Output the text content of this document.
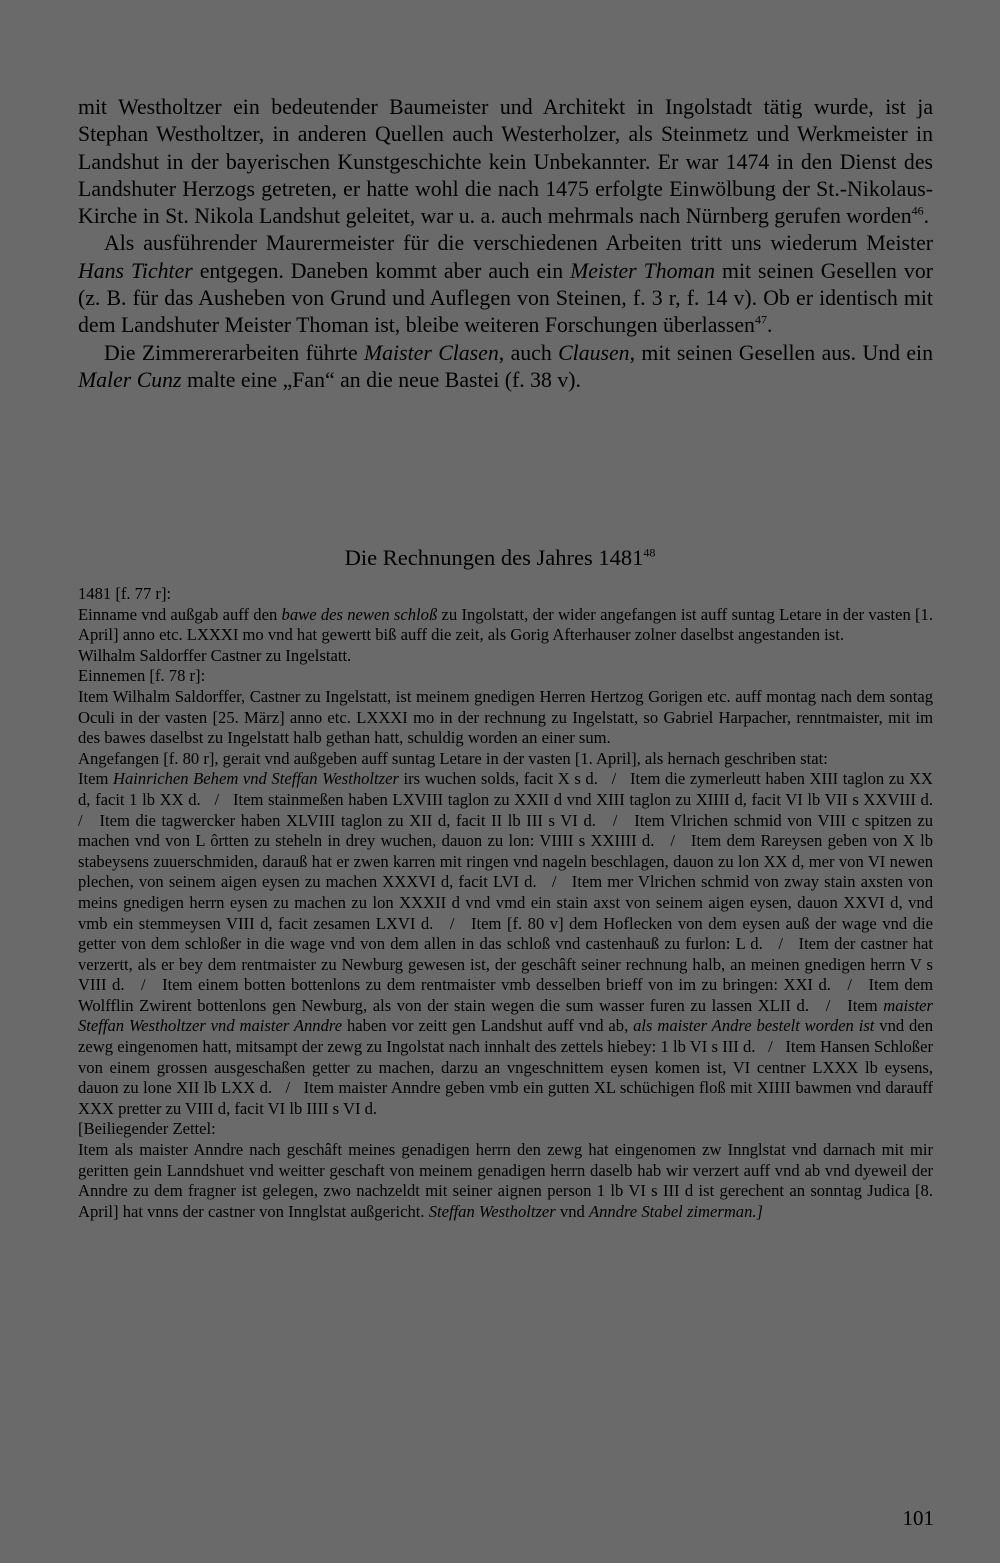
mit Westholtzer ein bedeutender Baumeister und Architekt in Ingolstadt tätig wurde, ist ja Stephan Westholtzer, in anderen Quellen auch Westerholzer, als Steinmetz und Werkmeister in Landshut in der bayerischen Kunstgeschichte kein Unbekannter. Er war 1474 in den Dienst des Landshuter Herzogs getreten, er hatte wohl die nach 1475 erfolgte Einwölbung der St.-Nikolaus-Kirche in St. Nikola Landshut geleitet, war u. a. auch mehrmals nach Nürnberg gerufen worden$^{46}$.

Als ausführender Maurermeister für die verschiedenen Arbeiten tritt uns wiederum Meister Hans Tichter entgegen. Daneben kommt aber auch ein Meister Thoman mit seinen Gesellen vor (z. B. für das Ausheben von Grund und Auflegen von Steinen, f. 3 r, f. 14 v). Ob er identisch mit dem Landshuter Meister Thoman ist, bleibe weiteren Forschungen überlassen$^{47}$.

Die Zimmererarbeiten führte Maister Clasen, auch Clausen, mit seinen Gesellen aus. Und ein Maler Cunz malte eine „Fan“ an die neue Bastei (f. 38 v).

Die Rechnungen des Jahres 1481$^{48}$

1481 [f. 77 r]:

Einname vnd außgab auff den bawe des newen schloß zu Ingolstatt, der wider angefangen ist auff suntag Letare in der vasten [1. April] anno etc. LXXXI mo vnd hat gewertt biß auff die zeit, als Gorig Afterhauser zolner daselbst angestanden ist.

Wilhalm Saldorffer Castner zu Ingelstatt.

Einnemen [f. 78 r]:

Item Wilhalm Saldorffer, Castner zu Ingelstatt, ist meinem gnedigen Herren Hertzog Gorigen etc. auff montag nach dem sontag Oculi in der vasten [25. März] anno etc. LXXXI mo in der rechnung zu Ingelstatt, so Gabriel Harpacher, renntmaister, mit im des bawes daselbst zu Ingelstatt halb gethan hatt, schuldig worden an einer sum.

Angefangen [f. 80 r], gerait vnd außgeben auff suntag Letare in der vasten [1. April], als hernach geschriben stat:

Item Hainrichen Behem vnd Steffan Westholtzer irs wuchen solds, facit X s d.   /   Item die zymerleutt haben XIII taglon zu XX d, facit 1 lb XX d.   /   Item stainmeßen haben LXVIII taglon zu XXII d vnd XIII taglon zu XIIII d, facit VI lb VII s XXVIII d.   /   Item die tagwercker haben XLVIII taglon zu XII d, facit II lb III s VI d.   /   Item Vlrichen schmid von VIII c spitzen zu machen vnd von L ôrtten zu steheln in drey wuchen, dauon zu lon: VIIII s XXIIII d.   /   Item dem Rareysen geben von X lb stabeysens zuuerschmiden, darauß hat er zwen karren mit ringen vnd nageln beschlagen, dauon zu lon XX d, mer von VI newen plechen, von seinem aigen eysen zu machen XXXVI d, facit LVI d.   /   Item mer Vlrichen schmid von zway stain axsten von meins gnedigen herrn eysen zu machen zu lon XXXII d vnd vmd ein stain axst von seinem aigen eysen, dauon XXVI d, vnd vmb ein stemmeysen VIII d, facit zesamen LXVI d.   /   Item [f. 80 v] dem Hoflecken von dem eysen auß der wage vnd die getter von dem schloßer in die wage vnd von dem allen in das schloß vnd castenhauß zu furlon: L d.   /   Item der castner hat verzertt, als er bey dem rentmaister zu Newburg gewesen ist, der geschâft seiner rechnung halb, an meinen gnedigen herrn V s VIII d.   /   Item einem botten bottenlons zu dem rentmaister vmb desselben brieff von im zu bringen: XXI d.   /   Item dem Wolfflin Zwirent bottenlons gen Newburg, als von der stain wegen die sum wasser furen zu lassen XLII d.   /   Item maister Steffan Westholtzer vnd maister Anndre haben vor zeitt gen Landshut auff vnd ab, als maister Andre bestelt worden ist vnd den zewg eingenomen hatt, mitsampt der zewg zu Ingolstat nach innhalt des zettels hiebey: 1 lb VI s III d.   /   Item Hansen Schloßer von einem grossen ausgeschaßen getter zu machen, darzu an vngeschnittem eysen komen ist, VI centner LXXX lb eysens, dauon zu lone XII lb LXX d.   /   Item maister Anndre geben vmb ein gutten XL schüchigen floß mit XIIII bawmen vnd darauff XXX pretter zu VIII d, facit VI lb IIII s VI d.

[Beiliegender Zettel:

Item als maister Anndre nach geschâft meines genadigen herrn den zewg hat eingenomen zw Innglstat vnd darnach mit mir geritten gein Lanndshuet vnd weitter geschaft von meinem genadigen herrn daselb hab wir verzert auff vnd ab vnd dyeweil der Anndre zu dem fragner ist gelegen, zwo nachzeldt mit seiner aignen person 1 lb VI s III d ist gerechent an sonntag Judica [8. April] hat vnns der castner von Innglstat außgericht. Steffan Westholtzer vnd Anndre Stabel zimerman.]

101
